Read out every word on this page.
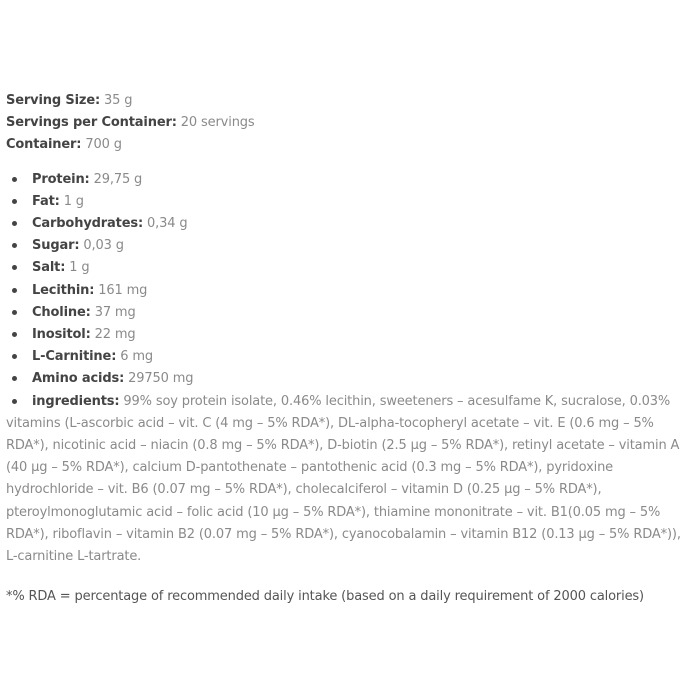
Serving Size: 35 g

Servings per Container: 20 servings

Container: 700 g

Protein: 29,75 g
Fat: 1 g
Carbohydrates: 0,34 g
Sugar: 0,03 g
Salt: 1 g
Lecithin: 161 mg
Choline: 37 mg
Inositol: 22 mg
L-Carnitine: 6 mg
Amino acids: 29750 mg
ingredients: 99% soy protein isolate, 0.46% lecithin, sweeteners – acesulfame K, sucralose, 0.03% vitamins (L-ascorbic acid – vit. C (4 mg – 5% RDA*), DL-alpha-tocopheryl acetate – vit. E (0.6 mg – 5% RDA*), nicotinic acid – niacin (0.8 mg – 5% RDA*), D-biotin (2.5 µg – 5% RDA*), retinyl acetate – vitamin A (40 µg – 5% RDA*), calcium D-pantothenate – pantothenic acid (0.3 mg – 5% RDA*), pyridoxine hydrochloride – vit. B6 (0.07 mg – 5% RDA*), cholecalciferol – vitamin D (0.25 µg – 5% RDA*), pteroylmonoglutamic acid – folic acid (10 µg – 5% RDA*), thiamine mononitrate – vit. B1(0.05 mg – 5% RDA*), riboflavin – vitamin B2 (0.07 mg – 5% RDA*), cyanocobalamin – vitamin B12 (0.13 µg – 5% RDA*)), L-carnitine L-tartrate.

*% RDA = percentage of recommended daily intake (based on a daily requirement of 2000 calories)
